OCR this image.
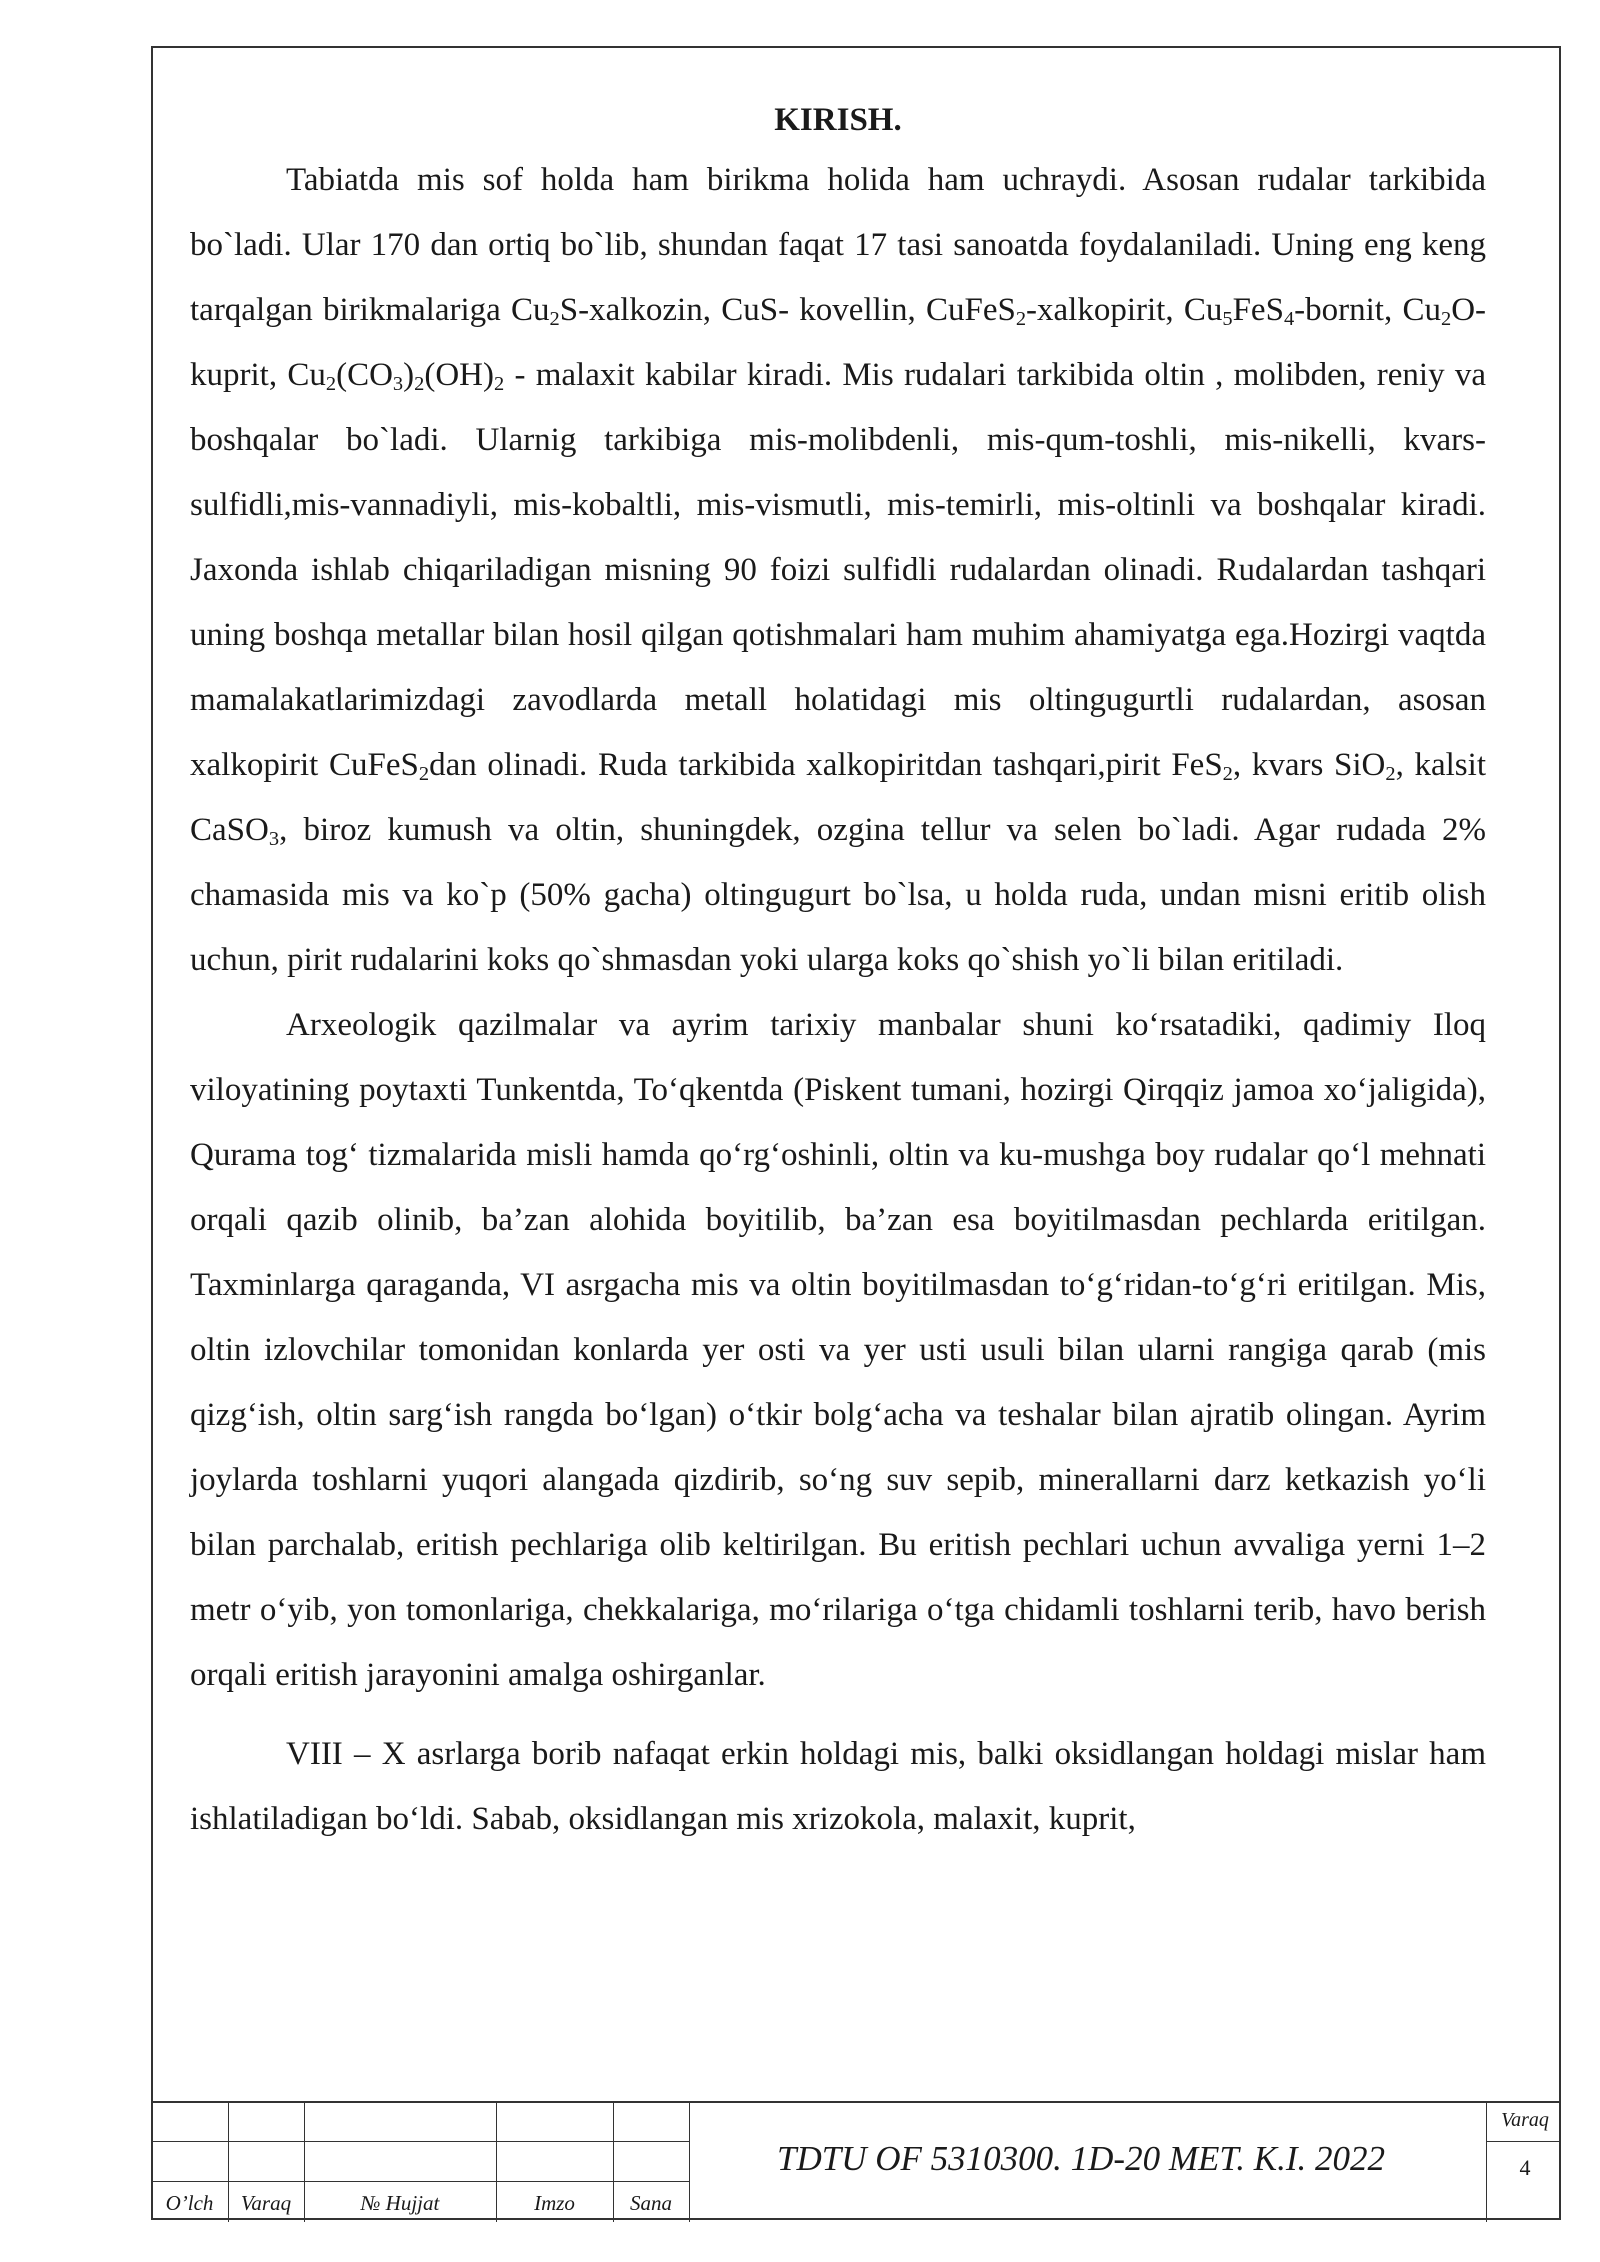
KIRISH.

Tabiatda mis sof holda ham birikma holida ham uchraydi. Asosan rudalar tarkibida bo`ladi. Ular 170 dan ortiq bo`lib, shundan faqat 17 tasi sanoatda foydalaniladi. Uning eng keng tarqalgan birikmalariga $Cu_2S$-xalkozin, CuS- kovellin, CuFeS$_2$-xalkopirit, $Cu_5FeS_4$-bornit, $Cu_2O$-kuprit, $Cu_2(CO_3)_2(OH)_2$ - malaxit kabilar kiradi. Mis rudalari tarkibida oltin , molibden, reniy va boshqalar bo`ladi. Ularnig tarkibiga mis-molibdenli, mis-qum-toshli, mis-nikelli, kvars- sulfidli,mis-vannadiyli, mis-kobaltli, mis-vismutli, mis-temirli, mis-oltinli va boshqalar kiradi. Jaxonda ishlab chiqariladigan misning 90 foizi sulfidli rudalardan olinadi. Rudalardan tashqari uning boshqa metallar bilan hosil qilgan qotishmalari ham muhim ahamiyatga ega.Hozirgi vaqtda mamalakatlarimizdagi zavodlarda metall holatidagi mis oltingugurtli rudalardan, asosan xalkopirit CuFeS$_2$dan olinadi. Ruda tarkibida xalkopiritdan tashqari,pirit FeS$_2$, kvars SiO$_2$, kalsit CaSO$_3$, biroz kumush va oltin, shuningdek, ozgina tellur va selen bo`ladi. Agar rudada 2% chamasida mis va ko`p (50% gacha) oltingugurt bo`lsa, u holda ruda, undan misni eritib olish uchun, pirit rudalarini koks qo`shmasdan yoki ularga koks qo`shish yo`li bilan eritiladi.

Arxeologik qazilmalar va ayrim tarixiy manbalar shuni ko‘rsatadiki, qadimiy Iloq viloyatining poytaxti Tunkentda, To‘qkentda (Piskent tumani, hozirgi Qirqqiz jamoa xo‘jaligida), Qurama tog‘ tizmalarida misli hamda qo‘rg‘oshinli, oltin va ku-mushga boy rudalar qo‘l mehnati orqali qazib olinib, ba’zan alohida boyitilib, ba’zan esa boyitilmasdan pechlarda eritilgan. Taxminlarga qaraganda, VI asrgacha mis va oltin boyitilmasdan to‘g‘ridan-to‘g‘ri eritilgan. Mis, oltin izlovchilar tomonidan konlarda yer osti va yer usti usuli bilan ularni rangiga qarab (mis qizg‘ish, oltin sarg‘ish rangda bo‘lgan) o‘tkir bolg‘acha va teshalar bilan ajratib olingan. Ayrim joylarda toshlarni yuqori alangada qizdirib, so‘ng suv sepib, minerallarni darz ketkazish yo‘li bilan parchalab, eritish pechlariga olib keltirilgan. Bu eritish pechlari uchun avvaliga yerni 1–2 metr o‘yib, yon tomonlariga, chekkalariga, mo‘rilariga o‘tga chidamli toshlarni terib, havo berish orqali eritish jarayonini amalga oshirganlar.

VIII – X asrlarga borib nafaqat erkin holdagi mis, balki oksidlangan holdagi mislar ham ishlatiladigan bo‘ldi. Sabab, oksidlangan mis xrizokola, malaxit, kuprit,

O’lch	Varaq	№ Hujjat	Imzo	Sana
TDTU OF 5310300. 1D-20 MET. K.I. 2022
Varaq
4
